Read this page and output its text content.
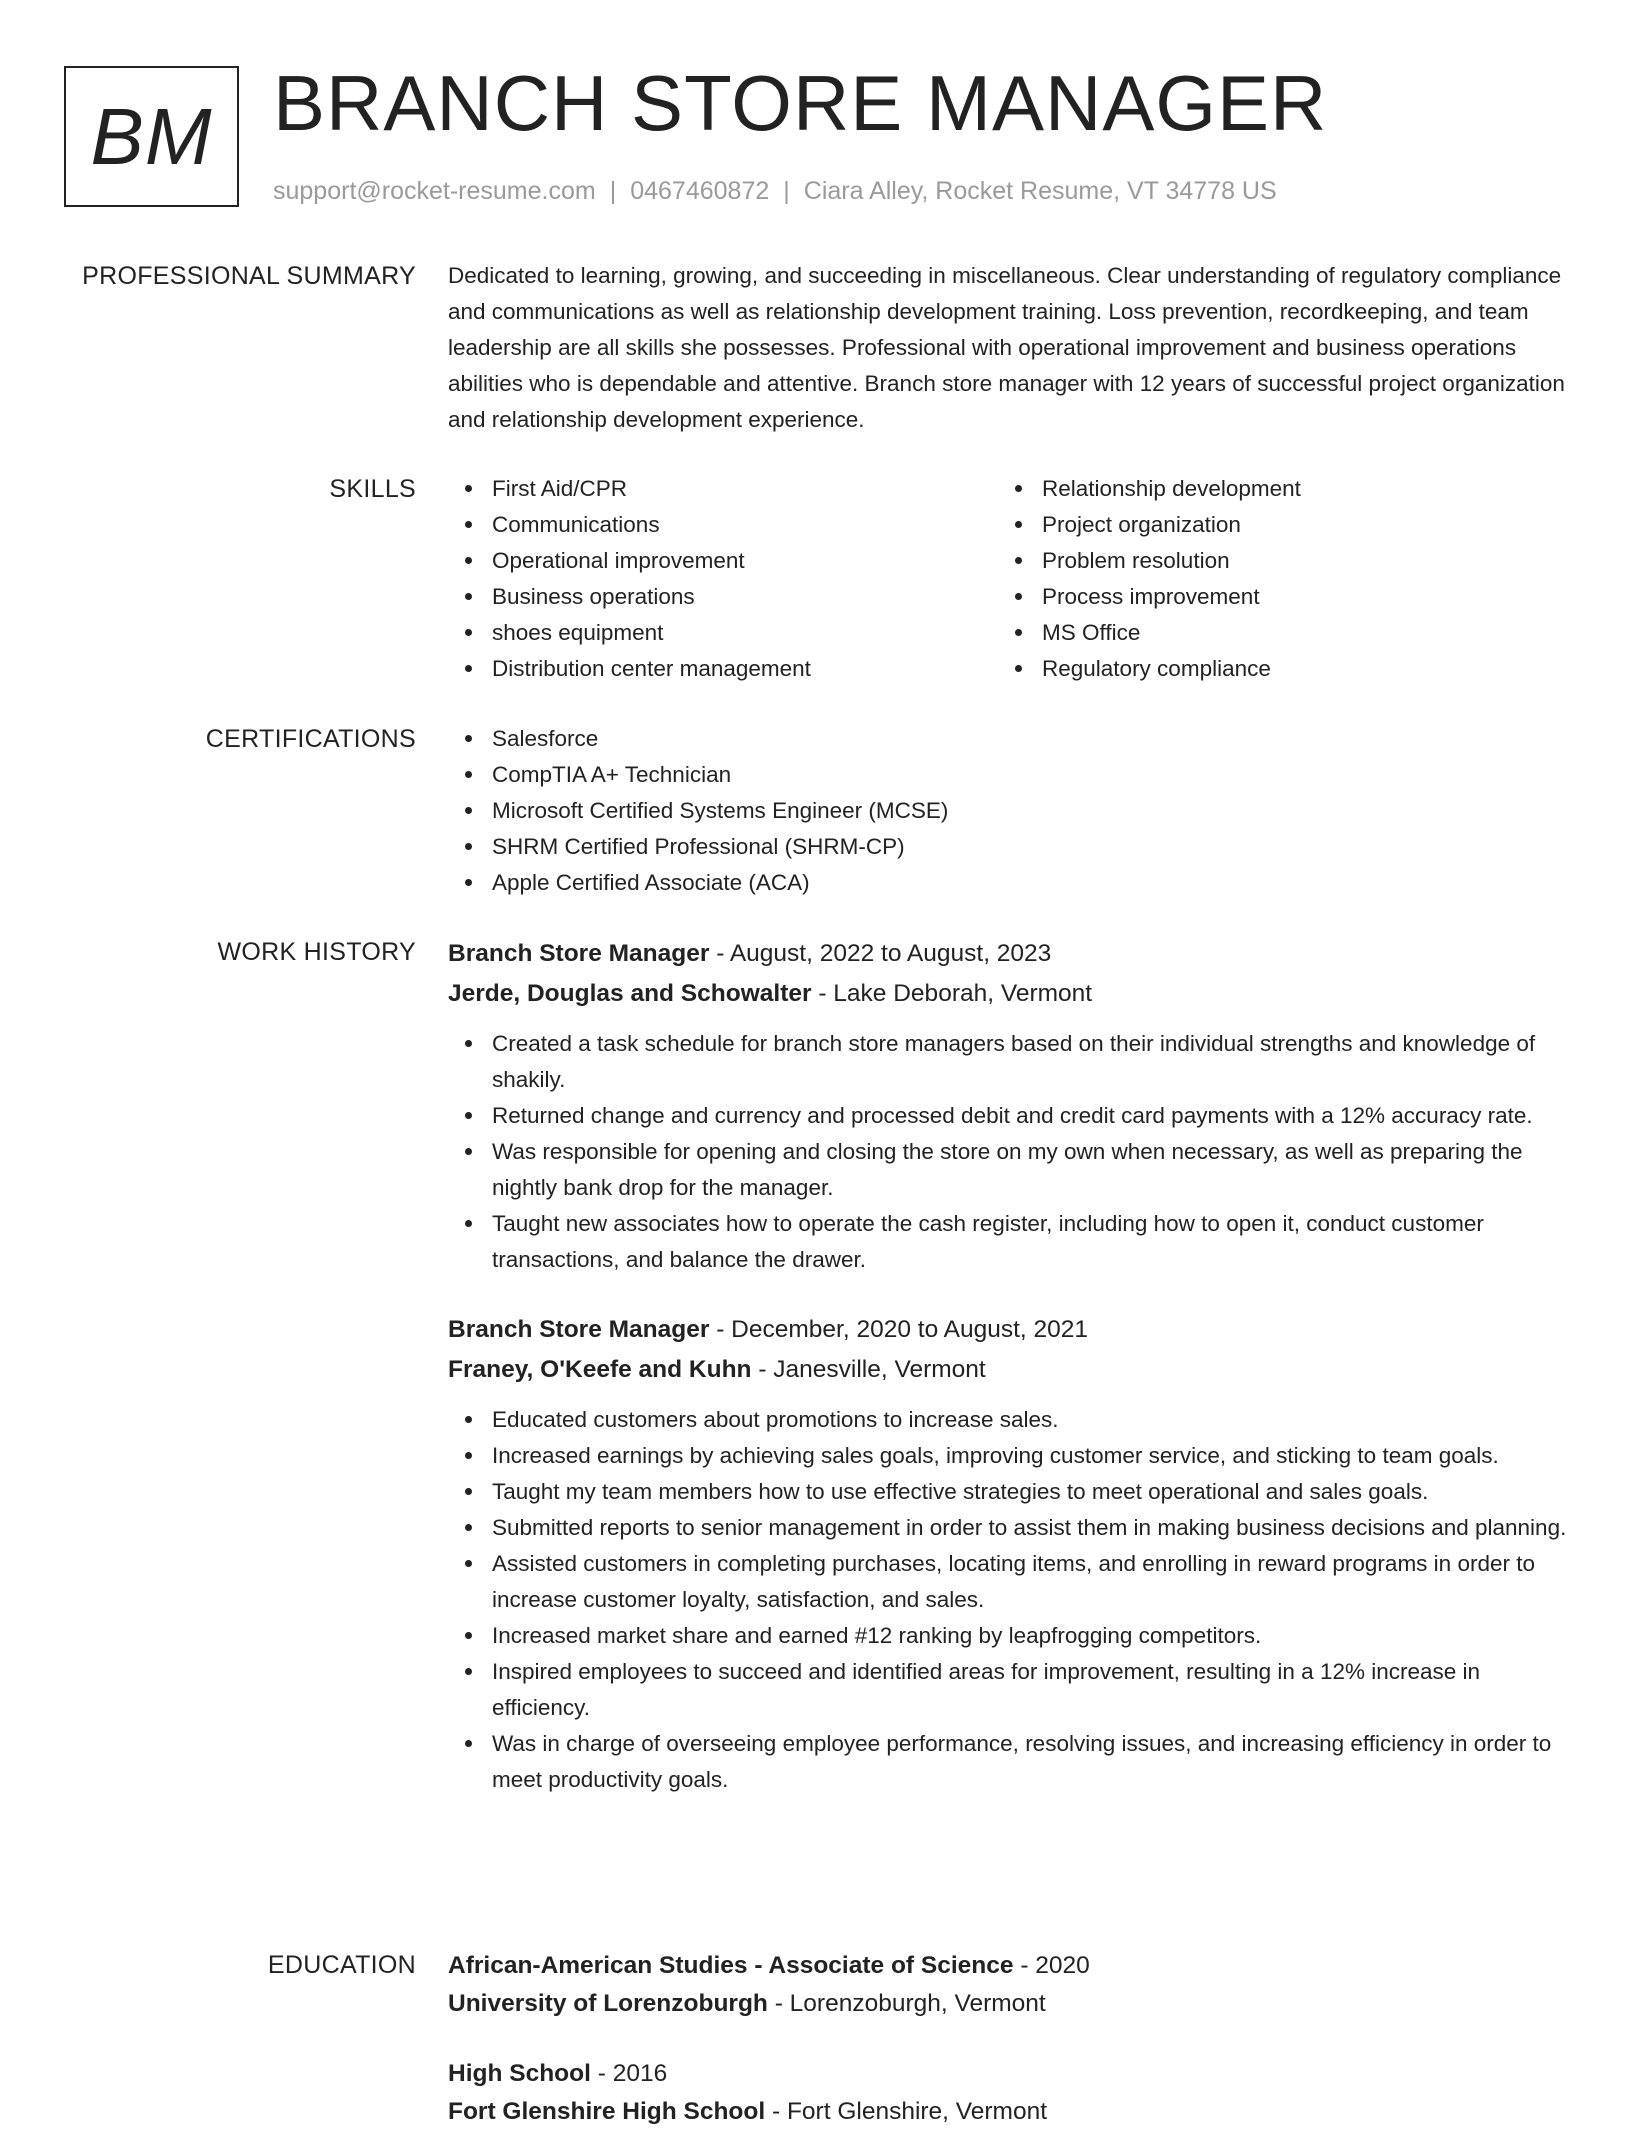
BM BRANCH STORE MANAGER
support@rocket-resume.com | 0467460872 | Ciara Alley, Rocket Resume, VT 34778 US
PROFESSIONAL SUMMARY Dedicated to learning, growing, and succeeding in miscellaneous. Clear understanding of regulatory compliance and communications as well as relationship development training. Loss prevention, recordkeeping, and team leadership are all skills she possesses. Professional with operational improvement and business operations abilities who is dependable and attentive. Branch store manager with 12 years of successful project organization and relationship development experience.

SKILLS	First Aid/CPR
Communications
Operational improvement
Business operations
shoes equipment
Distribution center management
Relationship development
Project organization
Problem resolution
Process improvement
MS Office
Regulatory compliance
CERTIFICATIONS	Salesforce
CompTIA A+ Technician
Microsoft Certified Systems Engineer (MCSE)
SHRM Certified Professional (SHRM-CP)
Apple Certified Associate (ACA)
WORK HISTORY Branch Store Manager - August, 2022 to August, 2023
Jerde, Douglas and Schowalter - Lake Deborah, Vermont
Created a task schedule for branch store managers based on their individual strengths and knowledge of shakily.
Returned change and currency and processed debit and credit card payments with a 12% accuracy rate.
Was responsible for opening and closing the store on my own when necessary, as well as preparing the nightly bank drop for the manager.
Taught new associates how to operate the cash register, including how to open it, conduct customer transactions, and balance the drawer.
Branch Store Manager - December, 2020 to August, 2021
Franey, O'Keefe and Kuhn - Janesville, Vermont
Educated customers about promotions to increase sales.
Increased earnings by achieving sales goals, improving customer service, and sticking to team goals.
Taught my team members how to use effective strategies to meet operational and sales goals.
Submitted reports to senior management in order to assist them in making business decisions and planning.
Assisted customers in completing purchases, locating items, and enrolling in reward programs in order to increase customer loyalty, satisfaction, and sales.
Increased market share and earned #12 ranking by leapfrogging competitors.
Inspired employees to succeed and identified areas for improvement, resulting in a 12% increase in efficiency.
Was in charge of overseeing employee performance, resolving issues, and increasing efficiency in order to meet productivity goals.
EDUCATION African-American Studies - Associate of Science - 2020
University of Lorenzoburgh - Lorenzoburgh, Vermont
High School - 2016
Fort Glenshire High School - Fort Glenshire, Vermont
